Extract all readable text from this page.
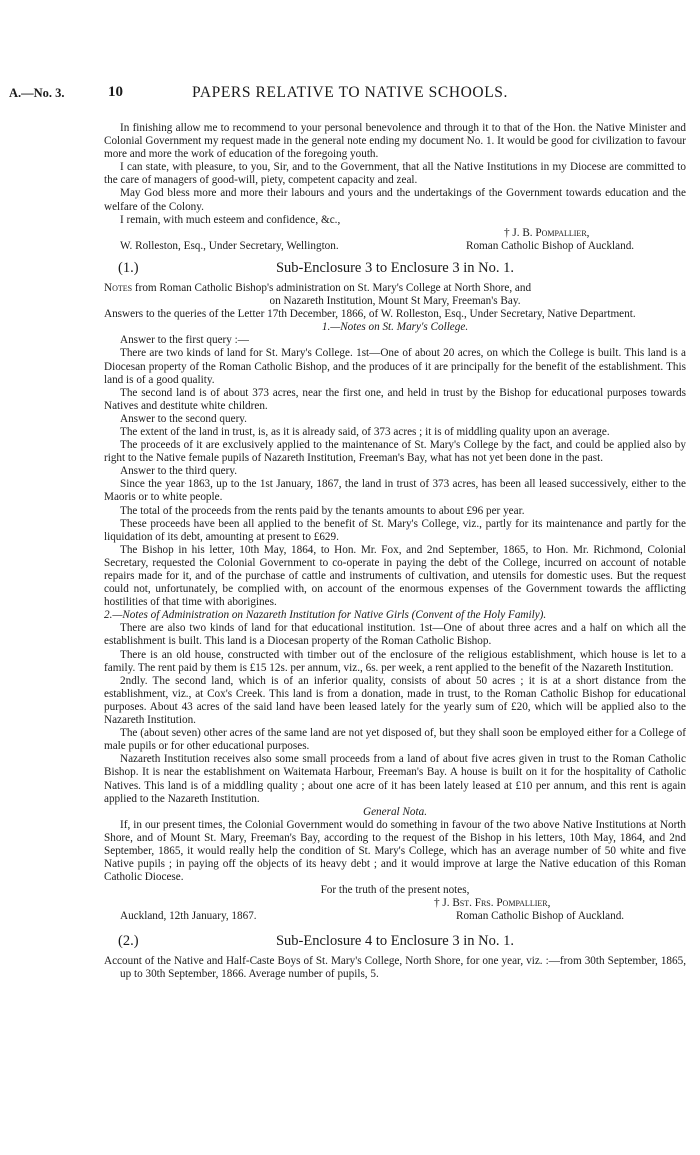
A.—No. 3.	10	PAPERS RELATIVE TO NATIVE SCHOOLS.

In finishing allow me to recommend to your personal benevolence and through it to that of the Hon. the Native Minister and Colonial Government my request made in the general note ending my document No. 1. It would be good for civilization to favour more and more the work of education of the foregoing youth.

I can state, with pleasure, to you, Sir, and to the Government, that all the Native Institutions in my Diocese are committed to the care of managers of good-will, piety, competent capacity and zeal.

May God bless more and more their labours and yours and the undertakings of the Government towards education and the welfare of the Colony.

I remain, with much esteem and confidence, &c.,

† J. B. Pompallier,
W. Rolleston, Esq., Under Secretary, Wellington.	Roman Catholic Bishop of Auckland.
(1.)	Sub-Enclosure 3 to Enclosure 3 in No. 1.

Notes from Roman Catholic Bishop's administration on St. Mary's College at North Shore, and

on Nazareth Institution, Mount St Mary, Freeman's Bay.

Answers to the queries of the Letter 17th December, 1866, of W. Rolleston, Esq., Under Secretary, Native Department.

1.—Notes on St. Mary's College.

Answer to the first query :—

There are two kinds of land for St. Mary's College. 1st—One of about 20 acres, on which the College is built. This land is a Diocesan property of the Roman Catholic Bishop, and the produces of it are principally for the benefit of the establishment. This land is of a good quality.

The second land is of about 373 acres, near the first one, and held in trust by the Bishop for educational purposes towards Natives and destitute white children.

Answer to the second query.

The extent of the land in trust, is, as it is already said, of 373 acres ; it is of middling quality upon an average.

The proceeds of it are exclusively applied to the maintenance of St. Mary's College by the fact, and could be applied also by right to the Native female pupils of Nazareth Institution, Freeman's Bay, what has not yet been done in the past.

Answer to the third query.

Since the year 1863, up to the 1st January, 1867, the land in trust of 373 acres, has been all leased successively, either to the Maoris or to white people.

The total of the proceeds from the rents paid by the tenants amounts to about £96 per year.

These proceeds have been all applied to the benefit of St. Mary's College, viz., partly for its maintenance and partly for the liquidation of its debt, amounting at present to £629.

The Bishop in his letter, 10th May, 1864, to Hon. Mr. Fox, and 2nd September, 1865, to Hon. Mr. Richmond, Colonial Secretary, requested the Colonial Government to co-operate in paying the debt of the College, incurred on account of notable repairs made for it, and of the purchase of cattle and instruments of cultivation, and utensils for domestic uses. But the request could not, unfortunately, be complied with, on account of the enormous expenses of the Government towards the afflicting hostilities of that time with aborigines.

2.—Notes of Administration on Nazareth Institution for Native Girls (Convent of the Holy Family).

There are also two kinds of land for that educational institution. 1st—One of about three acres and a half on which all the establishment is built. This land is a Diocesan property of the Roman Catholic Bishop.

There is an old house, constructed with timber out of the enclosure of the religious establishment, which house is let to a family. The rent paid by them is £15 12s. per annum, viz., 6s. per week, a rent applied to the benefit of the Nazareth Institution.

2ndly. The second land, which is of an inferior quality, consists of about 50 acres ; it is at a short distance from the establishment, viz., at Cox's Creek. This land is from a donation, made in trust, to the Roman Catholic Bishop for educational purposes. About 43 acres of the said land have been leased lately for the yearly sum of £20, which will be applied also to the Nazareth Institution.

The (about seven) other acres of the same land are not yet disposed of, but they shall soon be employed either for a College of male pupils or for other educational purposes.

Nazareth Institution receives also some small proceeds from a land of about five acres given in trust to the Roman Catholic Bishop. It is near the establishment on Waitemata Harbour, Freeman's Bay. A house is built on it for the hospitality of Catholic Natives. This land is of a middling quality ; about one acre of it has been lately leased at £10 per annum, and this rent is again applied to the Nazareth Institution.

General Nota.

If, in our present times, the Colonial Government would do something in favour of the two above Native Institutions at North Shore, and of Mount St. Mary, Freeman's Bay, according to the request of the Bishop in his letters, 10th May, 1864, and 2nd September, 1865, it would really help the condition of St. Mary's College, which has an average number of 50 white and five Native pupils ; in paying off the objects of its heavy debt ; and it would improve at large the Native education of this Roman Catholic Diocese.

For the truth of the present notes,

† J. Bst. Frs. Pompallier,
Auckland, 12th January, 1867.	Roman Catholic Bishop of Auckland.
(2.)	Sub-Enclosure 4 to Enclosure 3 in No. 1.

Account of the Native and Half-Caste Boys of St. Mary's College, North Shore, for one year, viz. :—from 30th September, 1865, up to 30th September, 1866. Average number of pupils, 5.
